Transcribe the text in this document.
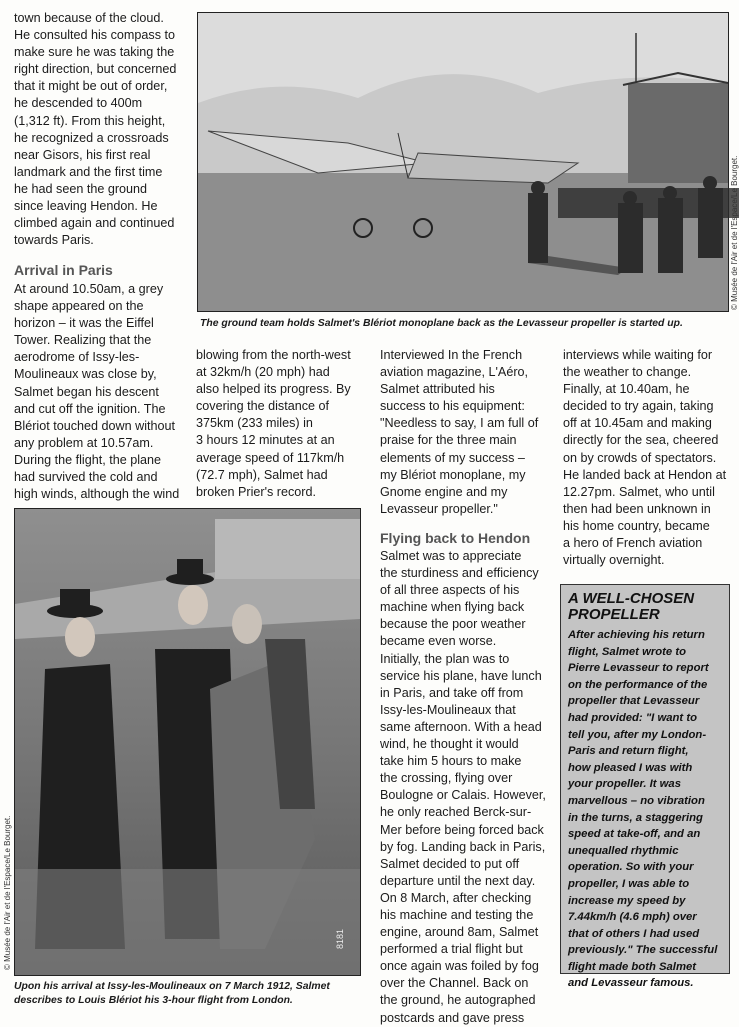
town because of the cloud.
He consulted his compass to
make sure he was taking the
right direction, but concerned
that it might be out of order,
he descended to 400m
(1,312 ft). From this height,
he recognized a crossroads
near Gisors, his first real
landmark and the first time
he had seen the ground
since leaving Hendon. He
climbed again and continued
towards Paris.

Arrival in Paris

At around 10.50am, a grey
shape appeared on the
horizon – it was the Eiffel
Tower. Realizing that the
aerodrome of Issy-les-
Moulineaux was close by,
Salmet began his descent
and cut off the ignition. The
Blériot touched down without
any problem at 10.57am.
During the flight, the plane
had survived the cold and
high winds, although the wind

© Musée de l'Air et de l'Espace/Le Bourget.

The ground team holds Salmet's Blériot monoplane back as the Levasseur propeller is started up.

blowing from the north-west
at 32km/h (20 mph) had
also helped its progress. By
covering the distance of
375km (233 miles) in
3 hours 12 minutes at an
average speed of 117km/h
(72.7 mph), Salmet had
broken Prier's record.

Interviewed In the French
aviation magazine, L'Aéro,
Salmet attributed his
success to his equipment:
"Needless to say, I am full of
praise for the three main
elements of my success –
my Blériot monoplane, my
Gnome engine and my
Levasseur propeller."

Flying back to Hendon

Salmet was to appreciate
the sturdiness and efficiency
of all three aspects of his
machine when flying back
because the poor weather
became even worse.
Initially, the plan was to
service his plane, have lunch
in Paris, and take off from
Issy-les-Moulineaux that
same afternoon. With a head
wind, he thought it would
take him 5 hours to make
the crossing, flying over
Boulogne or Calais. However,
he only reached Berck-sur-
Mer before being forced back
by fog. Landing back in Paris,
Salmet decided to put off
departure until the next day.
On 8 March, after checking
his machine and testing the
engine, around 8am, Salmet
performed a trial flight but
once again was foiled by fog
over the Channel. Back on
the ground, he autographed
postcards and gave press

interviews while waiting for
the weather to change.
Finally, at 10.40am, he
decided to try again, taking
off at 10.45am and making
directly for the sea, cheered
on by crowds of spectators.
He landed back at Hendon at
12.27pm. Salmet, who until
then had been unknown in
his home country, became
a hero of French aviation
virtually overnight.

8181
© Musée de l'Air et de l'Espace/Le Bourget.

Upon his arrival at Issy-les-Moulineaux on 7 March 1912, Salmet
describes to Louis Blériot his 3-hour flight from London.

A WELL-CHOSEN
PROPELLER

After achieving his return
flight, Salmet wrote to
Pierre Levasseur to report
on the performance of the
propeller that Levasseur
had provided: "I want to
tell you, after my London-
Paris and return flight,
how pleased I was with
your propeller. It was
marvellous – no vibration
in the turns, a staggering
speed at take-off, and an
unequalled rhythmic
operation. So with your
propeller, I was able to
increase my speed by
7.44km/h (4.6 mph) over
that of others I had used
previously." The successful
flight made both Salmet
and Levasseur famous.
